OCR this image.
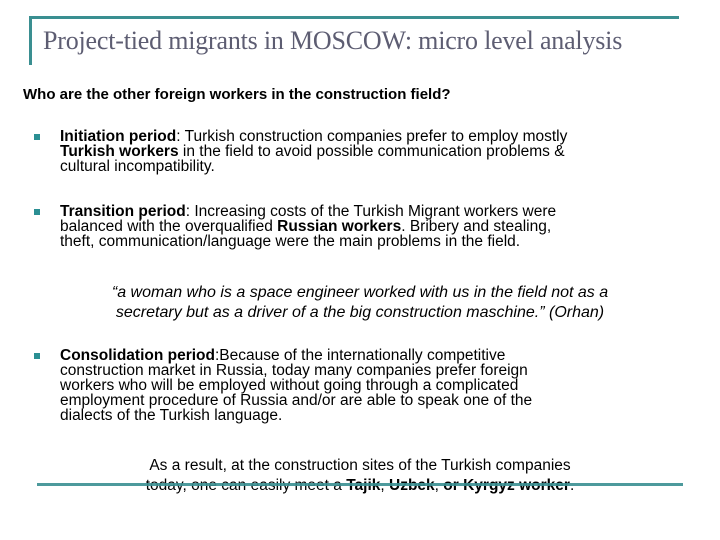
Project-tied migrants in MOSCOW: micro level analysis
Who are the other foreign workers in the construction field?
Initiation period: Turkish construction companies prefer to employ mostly
Turkish workers in the field to avoid possible communication problems &
cultural incompatibility.
Transition period: Increasing costs of the Turkish Migrant workers were
balanced with the overqualified Russian workers. Bribery and stealing,
theft, communication/language were the main problems in the field.
“a woman who is a space engineer worked with us in the field not as a
secretary but as a driver of a the big construction maschine.” (Orhan)
Consolidation period:Because of the internationally competitive
construction market in Russia, today many companies prefer foreign
workers who will be employed without going through a complicated
employment procedure of Russia and/or are able to speak one of the
dialects of the Turkish language.
As a result, at the construction sites of the Turkish companies
